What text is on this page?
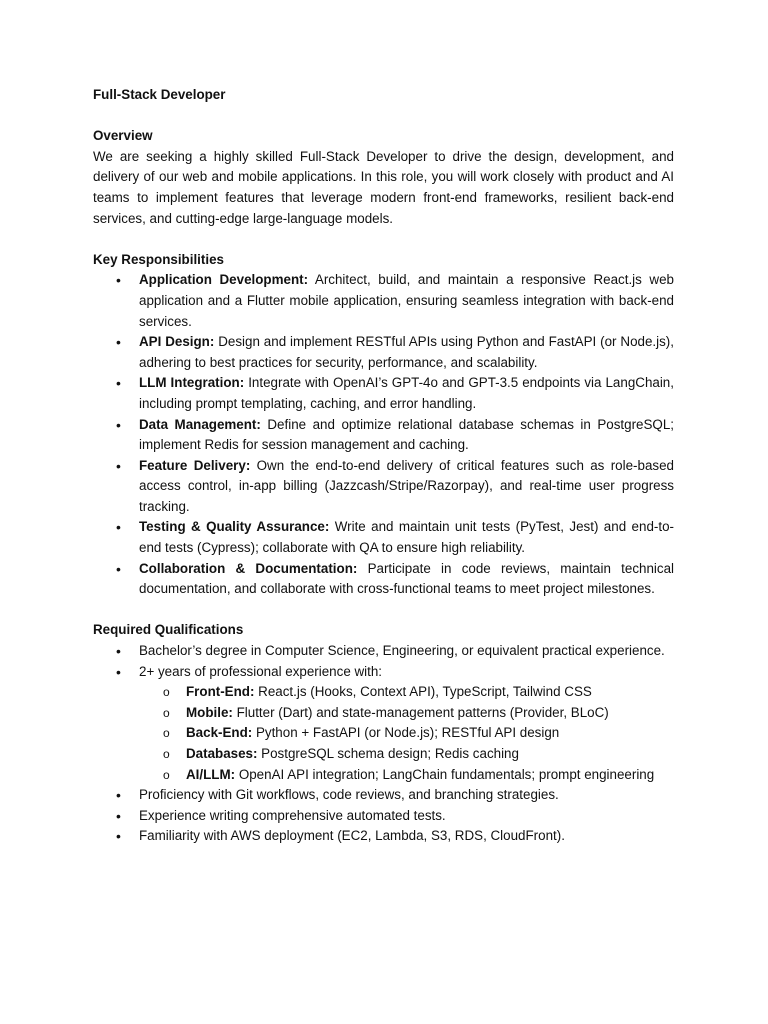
Full-Stack Developer

Overview

We are seeking a highly skilled Full-Stack Developer to drive the design, development, and delivery of our web and mobile applications. In this role, you will work closely with product and AI teams to implement features that leverage modern front-end frameworks, resilient back-end services, and cutting-edge large-language models.

Key Responsibilities

• Application Development: Architect, build, and maintain a responsive React.js web application and a Flutter mobile application, ensuring seamless integration with back-end services.
• API Design: Design and implement RESTful APIs using Python and FastAPI (or Node.js), adhering to best practices for security, performance, and scalability.
• LLM Integration: Integrate with OpenAI’s GPT-4o and GPT-3.5 endpoints via LangChain, including prompt templating, caching, and error handling.
• Data Management: Define and optimize relational database schemas in PostgreSQL; implement Redis for session management and caching.
• Feature Delivery: Own the end-to-end delivery of critical features such as role-based access control, in-app billing (Jazzcash/Stripe/Razorpay), and real-time user progress tracking.
• Testing & Quality Assurance: Write and maintain unit tests (PyTest, Jest) and end-to-end tests (Cypress); collaborate with QA to ensure high reliability.
• Collaboration & Documentation: Participate in code reviews, maintain technical documentation, and collaborate with cross-functional teams to meet project milestones.

Required Qualifications

• Bachelor’s degree in Computer Science, Engineering, or equivalent practical experience.
• 2+ years of professional experience with:
o Front-End: React.js (Hooks, Context API), TypeScript, Tailwind CSS
o Mobile: Flutter (Dart) and state-management patterns (Provider, BLoC)
o Back-End: Python + FastAPI (or Node.js); RESTful API design
o Databases: PostgreSQL schema design; Redis caching
o AI/LLM: OpenAI API integration; LangChain fundamentals; prompt engineering
• Proficiency with Git workflows, code reviews, and branching strategies.
• Experience writing comprehensive automated tests.
• Familiarity with AWS deployment (EC2, Lambda, S3, RDS, CloudFront).
